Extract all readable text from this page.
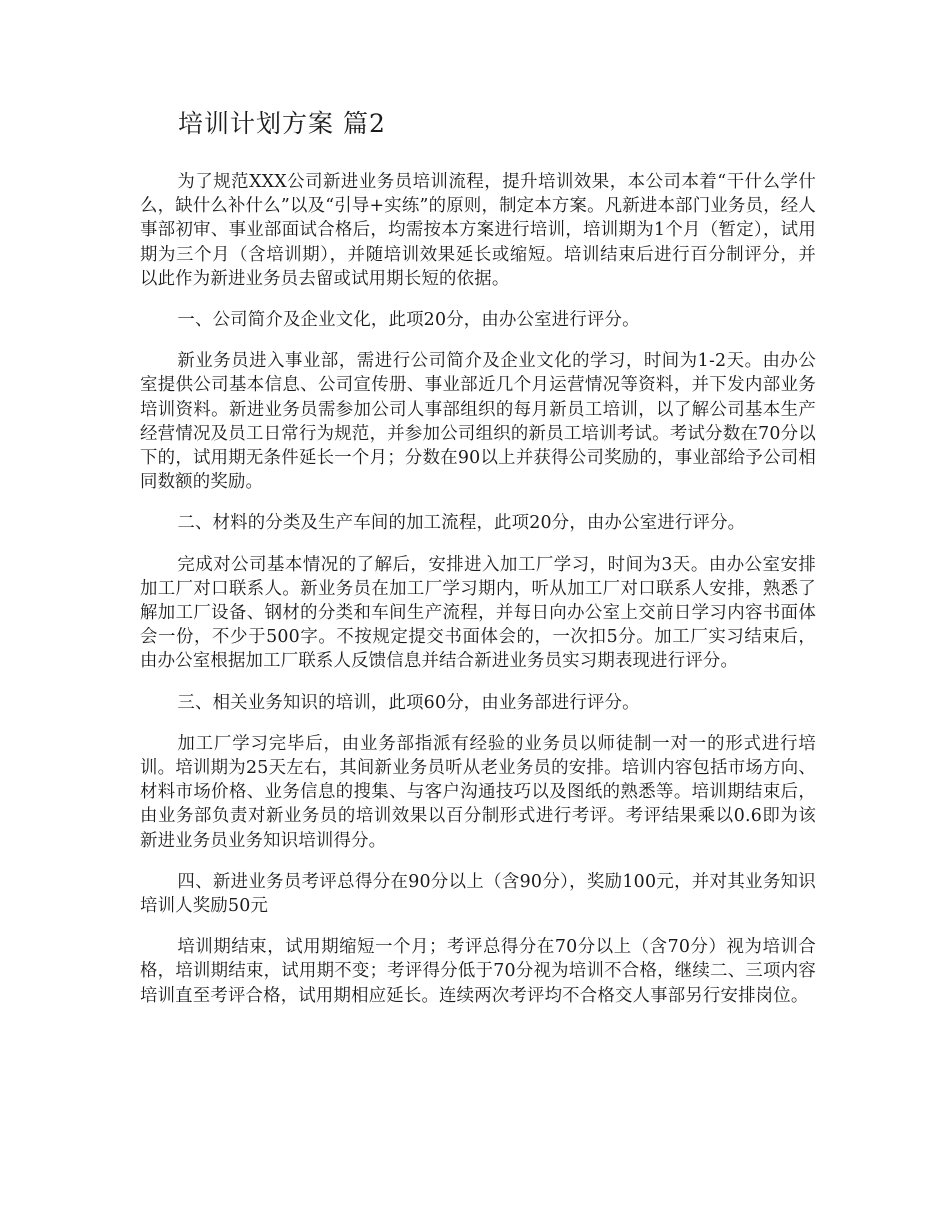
培训计划方案 篇2

为了规范XXX公司新进业务员培训流程，提升培训效果，本公司本着“干什么学什么，缺什么补什么”以及“引导+实练”的原则，制定本方案。凡新进本部门业务员，经人事部初审、事业部面试合格后，均需按本方案进行培训，培训期为1个月（暂定），试用期为三个月（含培训期），并随培训效果延长或缩短。培训结束后进行百分制评分，并以此作为新进业务员去留或试用期长短的依据。

一、公司简介及企业文化，此项20分，由办公室进行评分。

新业务员进入事业部，需进行公司简介及企业文化的学习，时间为1-2天。由办公室提供公司基本信息、公司宣传册、事业部近几个月运营情况等资料，并下发内部业务培训资料。新进业务员需参加公司人事部组织的每月新员工培训，以了解公司基本生产经营情况及员工日常行为规范，并参加公司组织的新员工培训考试。考试分数在70分以下的，试用期无条件延长一个月；分数在90以上并获得公司奖励的，事业部给予公司相同数额的奖励。

二、材料的分类及生产车间的加工流程，此项20分，由办公室进行评分。

完成对公司基本情况的了解后，安排进入加工厂学习，时间为3天。由办公室安排加工厂对口联系人。新业务员在加工厂学习期内，听从加工厂对口联系人安排，熟悉了解加工厂设备、钢材的分类和车间生产流程，并每日向办公室上交前日学习内容书面体会一份，不少于500字。不按规定提交书面体会的，一次扣5分。加工厂实习结束后，由办公室根据加工厂联系人反馈信息并结合新进业务员实习期表现进行评分。

三、相关业务知识的培训，此项60分，由业务部进行评分。

加工厂学习完毕后，由业务部指派有经验的业务员以师徒制一对一的形式进行培训。培训期为25天左右，其间新业务员听从老业务员的安排。培训内容包括市场方向、材料市场价格、业务信息的搜集、与客户沟通技巧以及图纸的熟悉等。培训期结束后，由业务部负责对新业务员的培训效果以百分制形式进行考评。考评结果乘以0.6即为该新进业务员业务知识培训得分。

四、新进业务员考评总得分在90分以上（含90分），奖励100元，并对其业务知识培训人奖励50元

培训期结束，试用期缩短一个月；考评总得分在70分以上（含70分）视为培训合格，培训期结束，试用期不变；考评得分低于70分视为培训不合格，继续二、三项内容培训直至考评合格，试用期相应延长。连续两次考评均不合格交人事部另行安排岗位。
